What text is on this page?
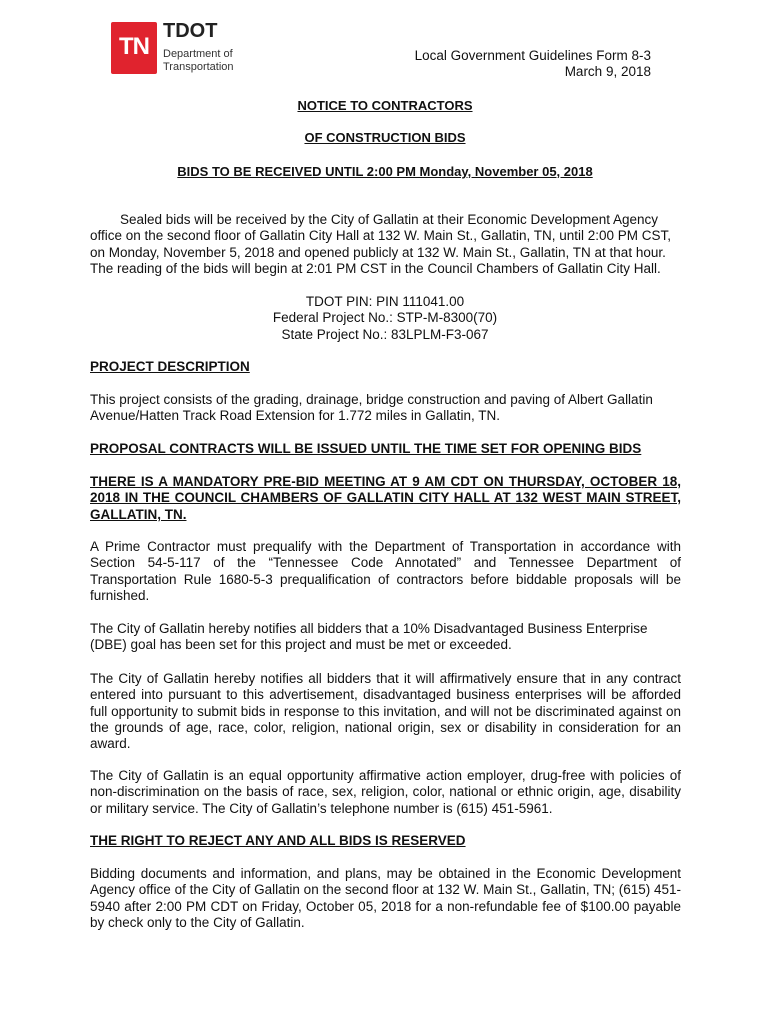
TN
TDOT
Department of
Transportation
Local Government Guidelines Form 8-3
March 9, 2018
NOTICE TO CONTRACTORS
OF CONSTRUCTION BIDS
BIDS TO BE RECEIVED UNTIL 2:00 PM Monday, November 05, 2018
Sealed bids will be received by the City of Gallatin at their Economic Development Agency office on the second floor of Gallatin City Hall at 132 W. Main St., Gallatin, TN, until 2:00 PM CST, on Monday, November 5, 2018 and opened publicly at 132 W. Main St., Gallatin, TN at that hour. The reading of the bids will begin at 2:01 PM CST in the Council Chambers of Gallatin City Hall.
TDOT PIN: PIN 111041.00
Federal Project No.: STP-M-8300(70)
State Project No.: 83LPLM-F3-067
PROJECT DESCRIPTION
This project consists of the grading, drainage, bridge construction and paving of Albert Gallatin Avenue/Hatten Track Road Extension for 1.772 miles in Gallatin, TN.
PROPOSAL CONTRACTS WILL BE ISSUED UNTIL THE TIME SET FOR OPENING BIDS
THERE IS A MANDATORY PRE-BID MEETING AT 9 AM CDT ON THURSDAY, OCTOBER 18, 2018 IN THE COUNCIL CHAMBERS OF GALLATIN CITY HALL AT 132 WEST MAIN STREET, GALLATIN, TN.
A Prime Contractor must prequalify with the Department of Transportation in accordance with Section 54-5-117 of the “Tennessee Code Annotated” and Tennessee Department of Transportation Rule 1680-5-3 prequalification of contractors before biddable proposals will be furnished.
The City of Gallatin hereby notifies all bidders that a 10% Disadvantaged Business Enterprise (DBE) goal has been set for this project and must be met or exceeded.
The City of Gallatin hereby notifies all bidders that it will affirmatively ensure that in any contract entered into pursuant to this advertisement, disadvantaged business enterprises will be afforded full opportunity to submit bids in response to this invitation, and will not be discriminated against on the grounds of age, race, color, religion, national origin, sex or disability in consideration for an award.
The City of Gallatin is an equal opportunity affirmative action employer, drug-free with policies of non-discrimination on the basis of race, sex, religion, color, national or ethnic origin, age, disability or military service. The City of Gallatin’s telephone number is (615) 451-5961.
THE RIGHT TO REJECT ANY AND ALL BIDS IS RESERVED
Bidding documents and information, and plans, may be obtained in the Economic Development Agency office of the City of Gallatin on the second floor at 132 W. Main St., Gallatin, TN; (615) 451-5940 after 2:00 PM CDT on Friday, October 05, 2018 for a non-refundable fee of $100.00 payable by check only to the City of Gallatin.
